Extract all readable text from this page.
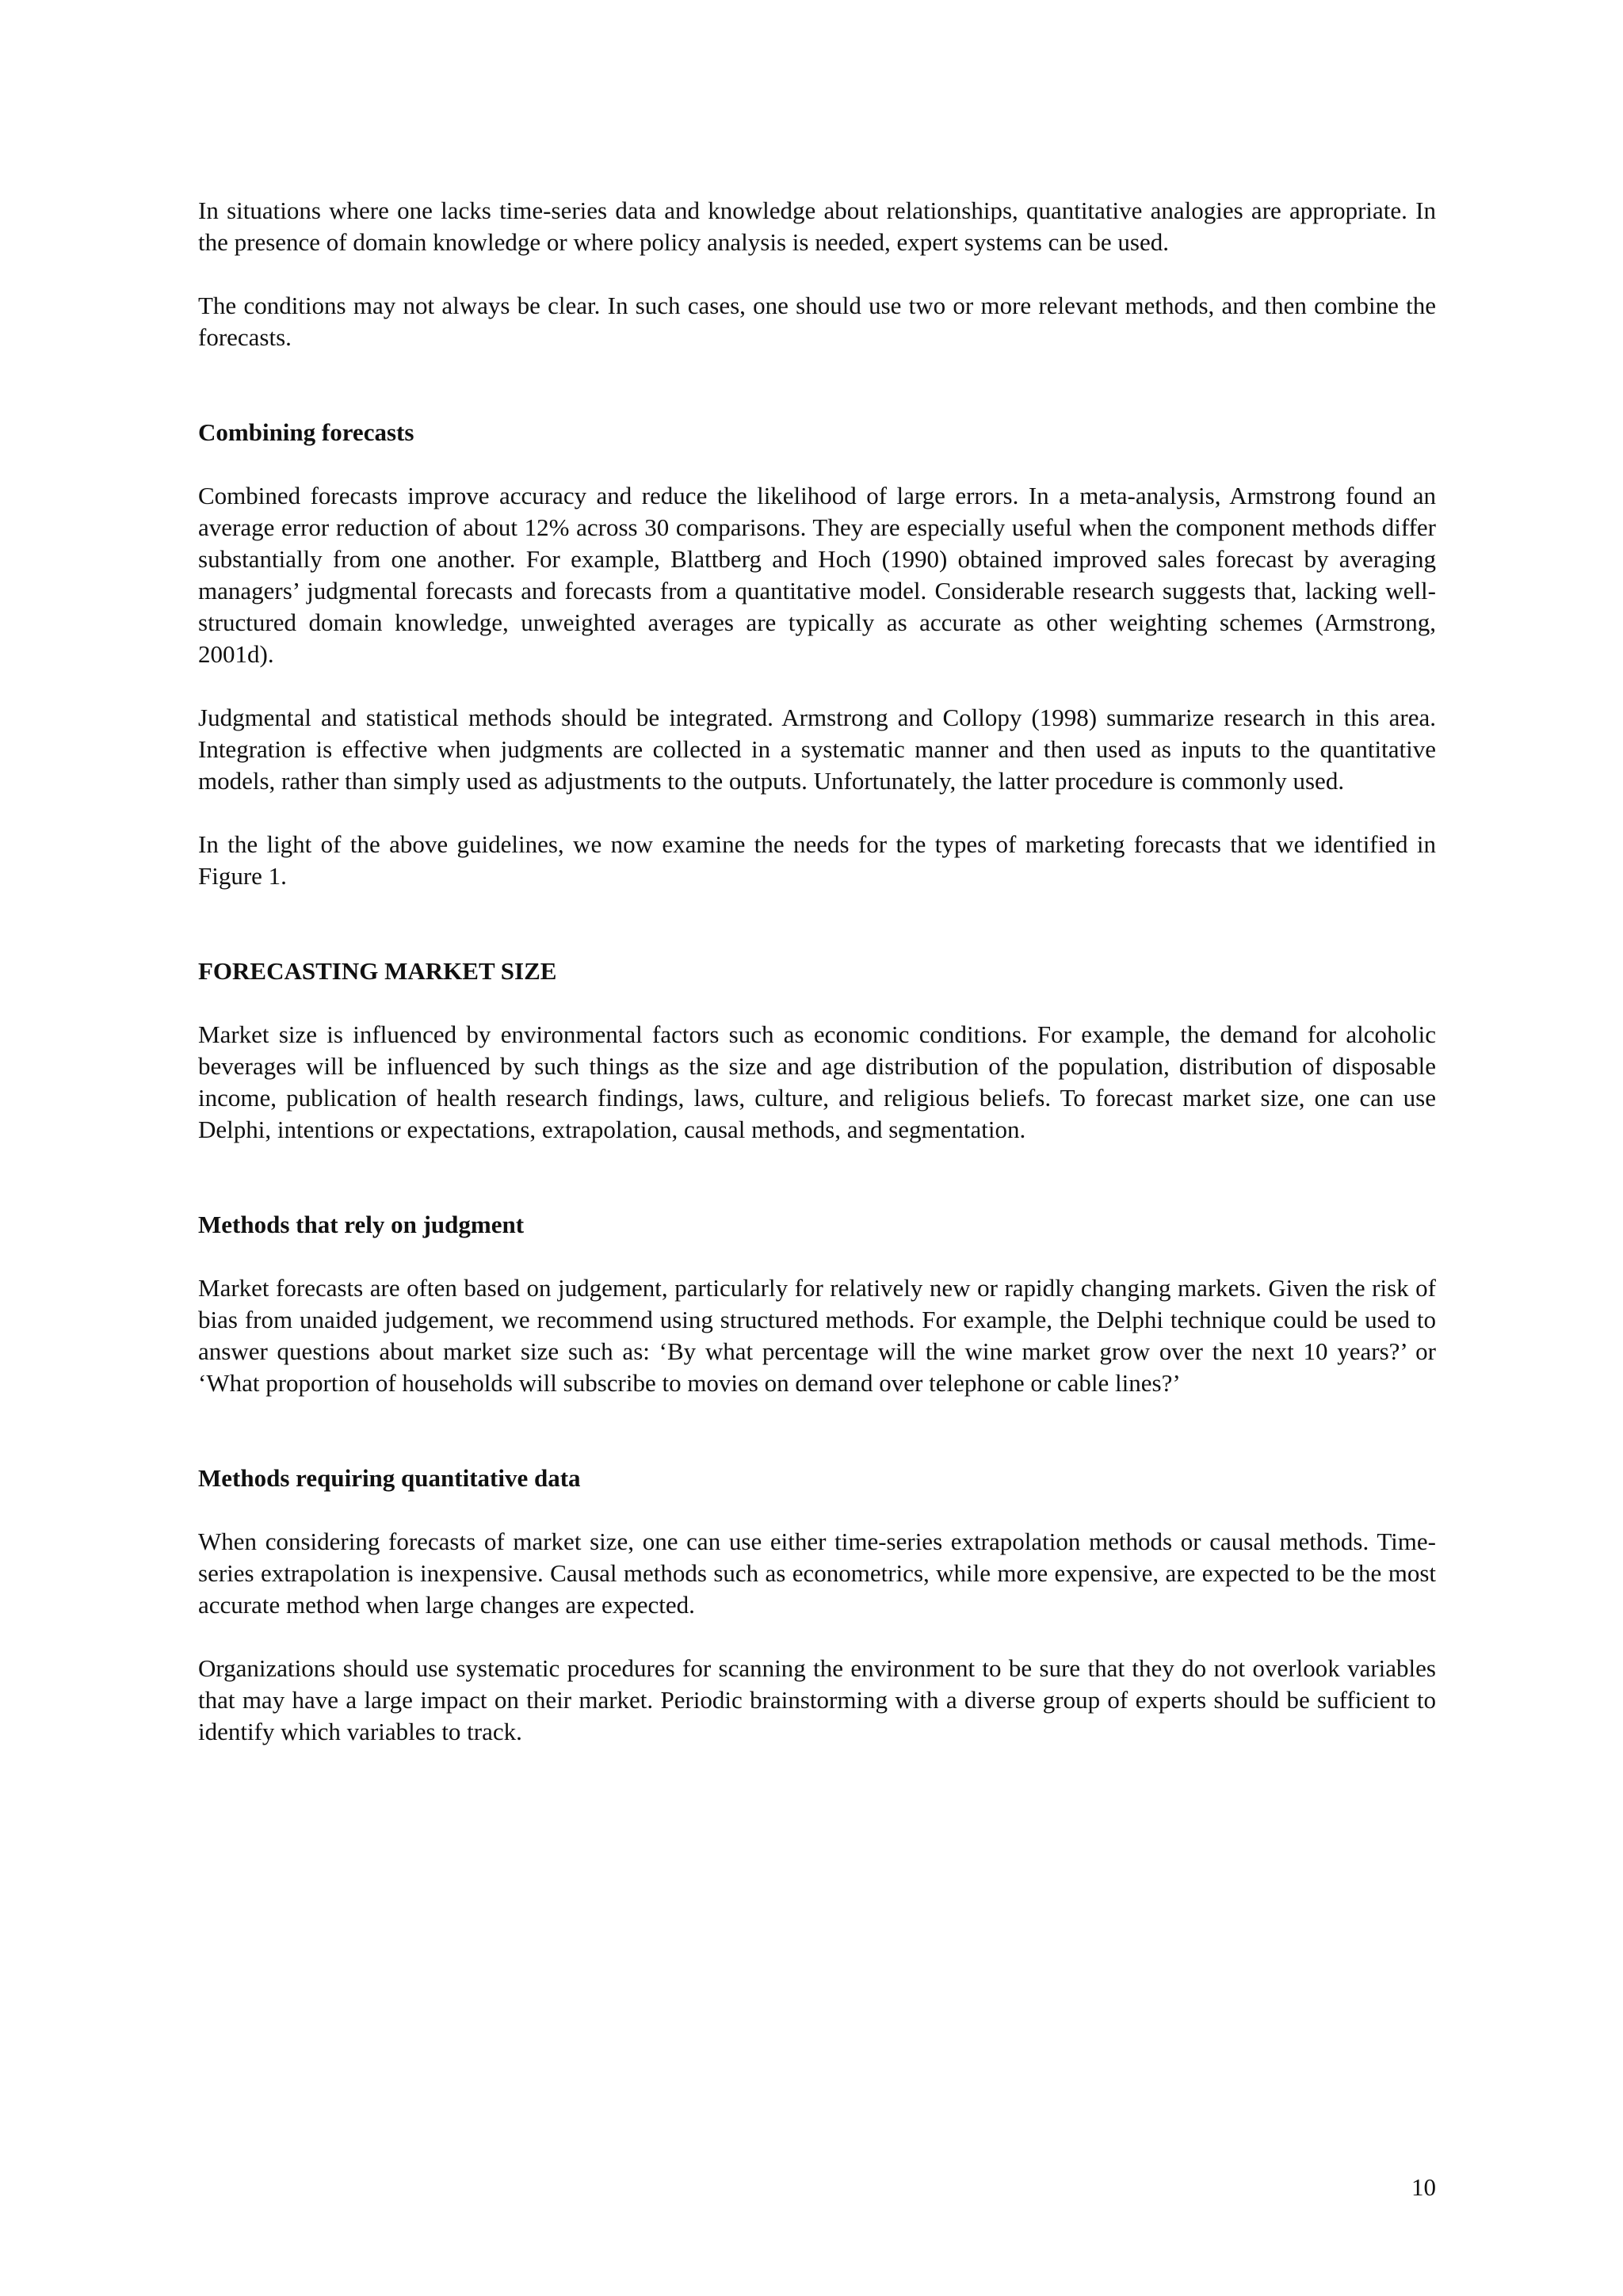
In situations where one lacks time-series data and knowledge about relationships, quantitative analogies are appropriate. In the presence of domain knowledge or where policy analysis is needed, expert systems can be used.

The conditions may not always be clear. In such cases, one should use two or more relevant methods, and then combine the forecasts.

Combining forecasts

Combined forecasts improve accuracy and reduce the likelihood of large errors. In a meta-analysis, Armstrong found an average error reduction of about 12% across 30 comparisons. They are especially useful when the component methods differ substantially from one another. For example, Blattberg and Hoch (1990) obtained improved sales forecast by averaging managers’ judgmental forecasts and forecasts from a quantitative model. Considerable research suggests that, lacking well-structured domain knowledge, unweighted averages are typically as accurate as other weighting schemes (Armstrong, 2001d).

Judgmental and statistical methods should be integrated. Armstrong and Collopy (1998) summarize research in this area. Integration is effective when judgments are collected in a systematic manner and then used as inputs to the quantitative models, rather than simply used as adjustments to the outputs. Unfortunately, the latter procedure is commonly used.

In the light of the above guidelines, we now examine the needs for the types of marketing forecasts that we identified in Figure 1.

FORECASTING MARKET SIZE

Market size is influenced by environmental factors such as economic conditions. For example, the demand for alcoholic beverages will be influenced by such things as the size and age distribution of the population, distribution of disposable income, publication of health research findings, laws, culture, and religious beliefs. To forecast market size, one can use Delphi, intentions or expectations, extrapolation, causal methods, and segmentation.

Methods that rely on judgment

Market forecasts are often based on judgement, particularly for relatively new or rapidly changing markets. Given the risk of bias from unaided judgement, we recommend using structured methods. For example, the Delphi technique could be used to answer questions about market size such as: ‘By what percentage will the wine market grow over the next 10 years?’ or ‘What proportion of households will subscribe to movies on demand over telephone or cable lines?’

Methods requiring quantitative data

When considering forecasts of market size, one can use either time-series extrapolation methods or causal methods. Time-series extrapolation is inexpensive. Causal methods such as econometrics, while more expensive, are expected to be the most accurate method when large changes are expected.

Organizations should use systematic procedures for scanning the environment to be sure that they do not overlook variables that may have a large impact on their market. Periodic brainstorming with a diverse group of experts should be sufficient to identify which variables to track.

10
